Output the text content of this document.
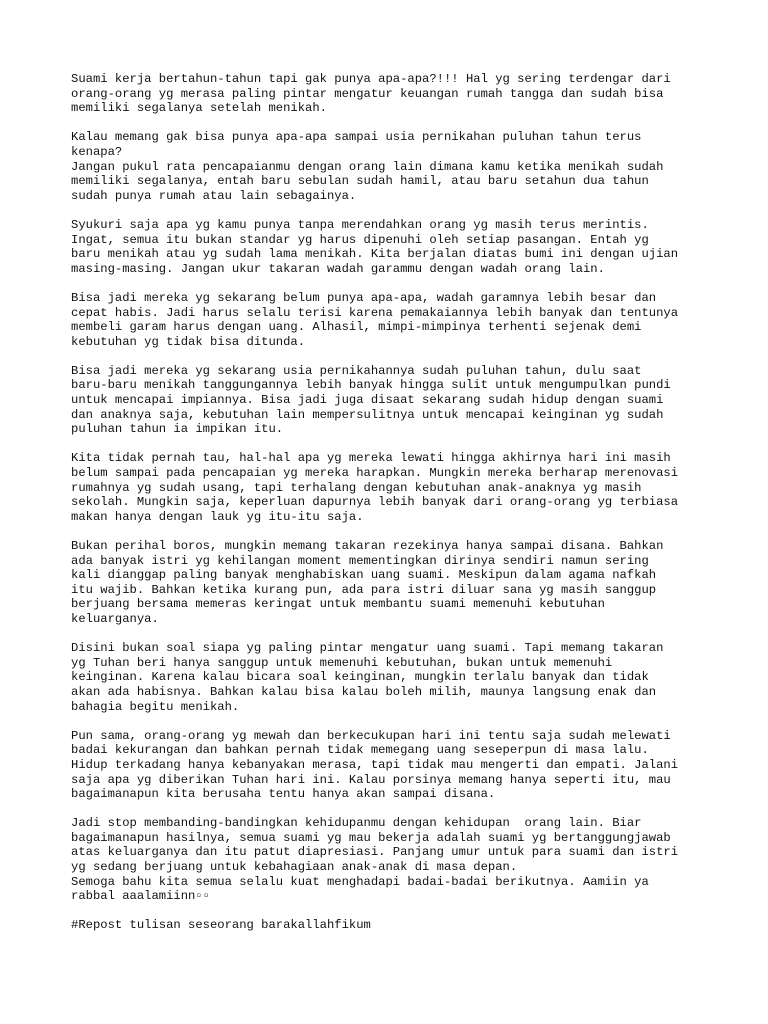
Suami kerja bertahun-tahun tapi gak punya apa-apa?!!! Hal yg sering terdengar dari
orang-orang yg merasa paling pintar mengatur keuangan rumah tangga dan sudah bisa
memiliki segalanya setelah menikah.
Kalau memang gak bisa punya apa-apa sampai usia pernikahan puluhan tahun terus
kenapa?
Jangan pukul rata pencapaianmu dengan orang lain dimana kamu ketika menikah sudah
memiliki segalanya, entah baru sebulan sudah hamil, atau baru setahun dua tahun
sudah punya rumah atau lain sebagainya.
Syukuri saja apa yg kamu punya tanpa merendahkan orang yg masih terus merintis.
Ingat, semua itu bukan standar yg harus dipenuhi oleh setiap pasangan. Entah yg
baru menikah atau yg sudah lama menikah. Kita berjalan diatas bumi ini dengan ujian
masing-masing. Jangan ukur takaran wadah garammu dengan wadah orang lain.
Bisa jadi mereka yg sekarang belum punya apa-apa, wadah garamnya lebih besar dan
cepat habis. Jadi harus selalu terisi karena pemakaiannya lebih banyak dan tentunya
membeli garam harus dengan uang. Alhasil, mimpi-mimpinya terhenti sejenak demi
kebutuhan yg tidak bisa ditunda.
Bisa jadi mereka yg sekarang usia pernikahannya sudah puluhan tahun, dulu saat
baru-baru menikah tanggungannya lebih banyak hingga sulit untuk mengumpulkan pundi
untuk mencapai impiannya. Bisa jadi juga disaat sekarang sudah hidup dengan suami
dan anaknya saja, kebutuhan lain mempersulitnya untuk mencapai keinginan yg sudah
puluhan tahun ia impikan itu.
Kita tidak pernah tau, hal-hal apa yg mereka lewati hingga akhirnya hari ini masih
belum sampai pada pencapaian yg mereka harapkan. Mungkin mereka berharap merenovasi
rumahnya yg sudah usang, tapi terhalang dengan kebutuhan anak-anaknya yg masih
sekolah. Mungkin saja, keperluan dapurnya lebih banyak dari orang-orang yg terbiasa
makan hanya dengan lauk yg itu-itu saja.
Bukan perihal boros, mungkin memang takaran rezekinya hanya sampai disana. Bahkan
ada banyak istri yg kehilangan moment mementingkan dirinya sendiri namun sering
kali dianggap paling banyak menghabiskan uang suami. Meskipun dalam agama nafkah
itu wajib. Bahkan ketika kurang pun, ada para istri diluar sana yg masih sanggup
berjuang bersama memeras keringat untuk membantu suami memenuhi kebutuhan
keluarganya.
Disini bukan soal siapa yg paling pintar mengatur uang suami. Tapi memang takaran
yg Tuhan beri hanya sanggup untuk memenuhi kebutuhan, bukan untuk memenuhi
keinginan. Karena kalau bicara soal keinginan, mungkin terlalu banyak dan tidak
akan ada habisnya. Bahkan kalau bisa kalau boleh milih, maunya langsung enak dan
bahagia begitu menikah.
Pun sama, orang-orang yg mewah dan berkecukupan hari ini tentu saja sudah melewati
badai kekurangan dan bahkan pernah tidak memegang uang seseperpun di masa lalu.
Hidup terkadang hanya kebanyakan merasa, tapi tidak mau mengerti dan empati. Jalani
saja apa yg diberikan Tuhan hari ini. Kalau porsinya memang hanya seperti itu, mau
bagaimanapun kita berusaha tentu hanya akan sampai disana.
Jadi stop membanding-bandingkan kehidupanmu dengan kehidupan  orang lain. Biar
bagaimanapun hasilnya, semua suami yg mau bekerja adalah suami yg bertanggungjawab
atas keluarganya dan itu patut diapresiasi. Panjang umur untuk para suami dan istri
yg sedang berjuang untuk kebahagiaan anak-anak di masa depan.
Semoga bahu kita semua selalu kuat menghadapi badai-badai berikutnya. Aamiin ya
rabbal aaalamiinn▫▫
#Repost tulisan seseorang barakallahfikum
